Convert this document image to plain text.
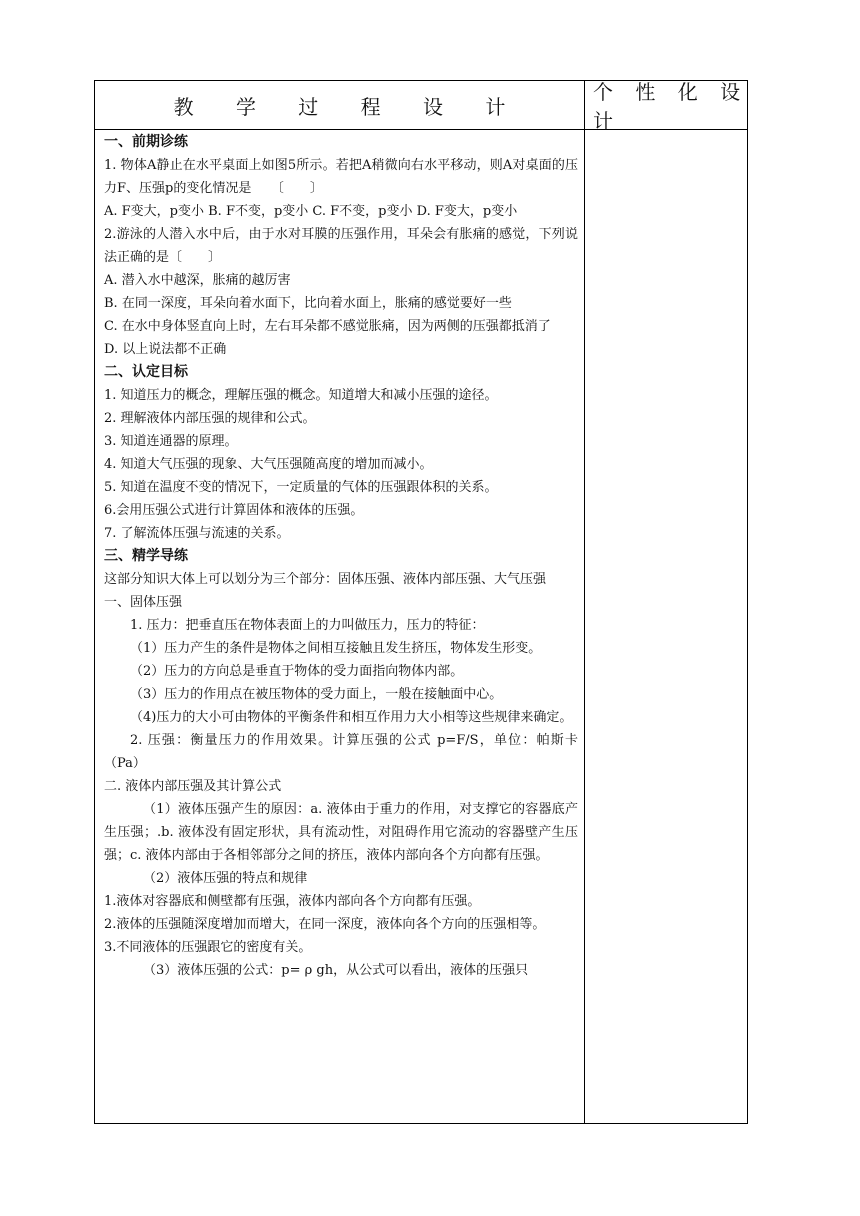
教 学 过 程 设 计
个 性 化 设 计

一、前期诊练

1. 物体A静止在水平桌面上如图5所示。若把A稍微向右水平移动，则A对桌面的压力F、压强p的变化情况是　　〔　　〕

A. F变大，p变小 B. F不变，p变小 C. F不变，p变小 D. F变大，p变小

2.游泳的人潜入水中后，由于水对耳膜的压强作用，耳朵会有胀痛的感觉，下列说法正确的是〔　　〕

A. 潜入水中越深，胀痛的越厉害

B. 在同一深度，耳朵向着水面下，比向着水面上，胀痛的感觉要好一些

C. 在水中身体竖直向上时，左右耳朵都不感觉胀痛，因为两侧的压强都抵消了

D. 以上说法都不正确

二、认定目标

1. 知道压力的概念，理解压强的概念。知道增大和减小压强的途径。

2. 理解液体内部压强的规律和公式。

3. 知道连通器的原理。

4. 知道大气压强的现象、大气压强随高度的增加而减小。

5. 知道在温度不变的情况下，一定质量的气体的压强跟体积的关系。

6.会用压强公式进行计算固体和液体的压强。

7. 了解流体压强与流速的关系。

三、精学导练

这部分知识大体上可以划分为三个部分：固体压强、液体内部压强、大气压强

一、固体压强

1. 压力：把垂直压在物体表面上的力叫做压力，压力的特征：

（1）压力产生的条件是物体之间相互接触且发生挤压，物体发生形变。

（2）压力的方向总是垂直于物体的受力面指向物体内部。

（3）压力的作用点在被压物体的受力面上，一般在接触面中心。

（4)压力的大小可由物体的平衡条件和相互作用力大小相等这些规律来确定。

2. 压强：衡量压力的作用效果。计算压强的公式 p=F/S，单位：帕斯卡（Pa）

二. 液体内部压强及其计算公式

（1）液体压强产生的原因：a. 液体由于重力的作用，对支撑它的容器底产生压强；.b. 液体没有固定形状，具有流动性，对阻碍作用它流动的容器壁产生压强；c. 液体内部由于各相邻部分之间的挤压，液体内部向各个方向都有压强。

（2）液体压强的特点和规律

1.液体对容器底和侧壁都有压强，液体内部向各个方向都有压强。

2.液体的压强随深度增加而增大，在同一深度，液体向各个方向的压强相等。

3.不同液体的压强跟它的密度有关。

（3）液体压强的公式：p= ρ gh，从公式可以看出，液体的压强只
